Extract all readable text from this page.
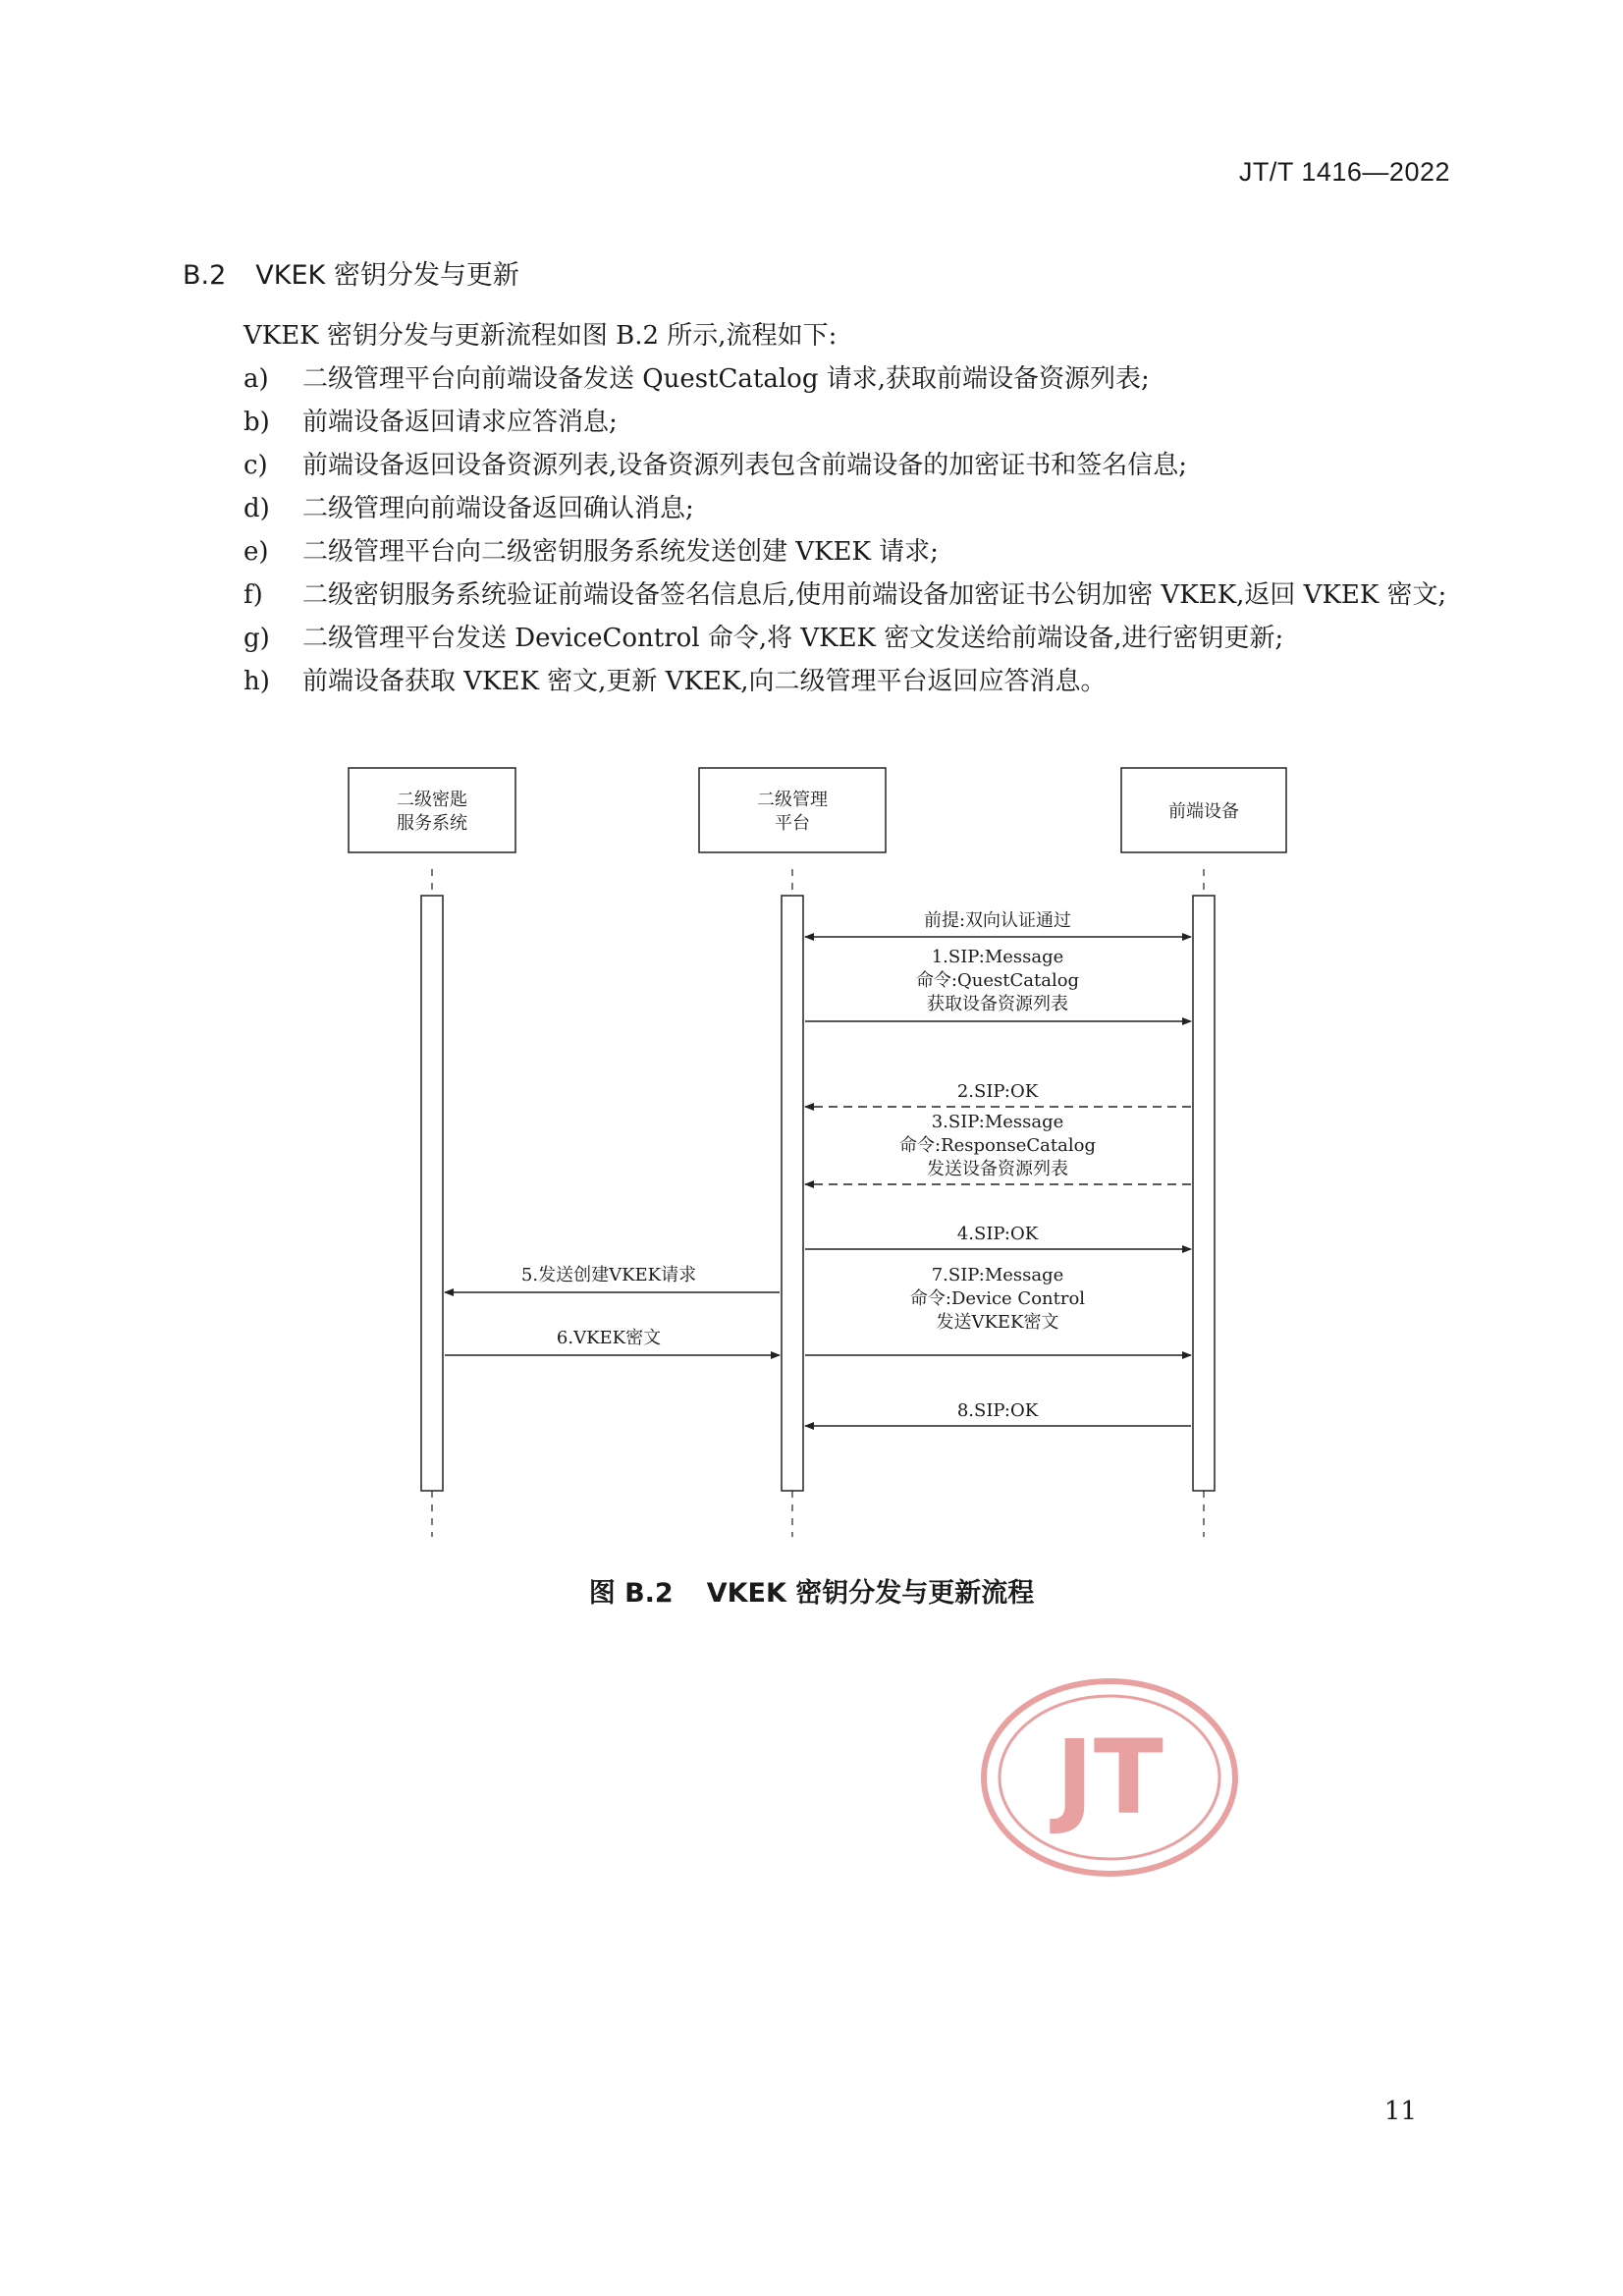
JT/T 1416—2022
B.2 VKEK 密钥分发与更新
VKEK 密钥分发与更新流程如图 B.2 所示,流程如下:
a)	二级管理平台向前端设备发送 QuestCatalog 请求,获取前端设备资源列表;
b)	前端设备返回请求应答消息;
c)	前端设备返回设备资源列表,设备资源列表包含前端设备的加密证书和签名信息;
d)	二级管理向前端设备返回确认消息;
e)	二级管理平台向二级密钥服务系统发送创建 VKEK 请求;
f)	二级密钥服务系统验证前端设备签名信息后,使用前端设备加密证书公钥加密 VKEK,返回 VKEK 密文;
g)	二级管理平台发送 DeviceControl 命令,将 VKEK 密文发送给前端设备,进行密钥更新;
h)	前端设备获取 VKEK 密文,更新 VKEK,向二级管理平台返回应答消息。
二级密匙
服务系统
二级管理
平台
前端设备
前提:双向认证通过
1.SIP:Message
命令:QuestCatalog
获取设备资源列表
2.SIP:OK
3.SIP:Message
命令:ResponseCatalog
发送设备资源列表
4.SIP:OK
5.发送创建VKEK请求
6.VKEK密文
7.SIP:Message
命令:Device Control
发送VKEK密文
8.SIP:OK
图 B.2 VKEK 密钥分发与更新流程
JT
11
